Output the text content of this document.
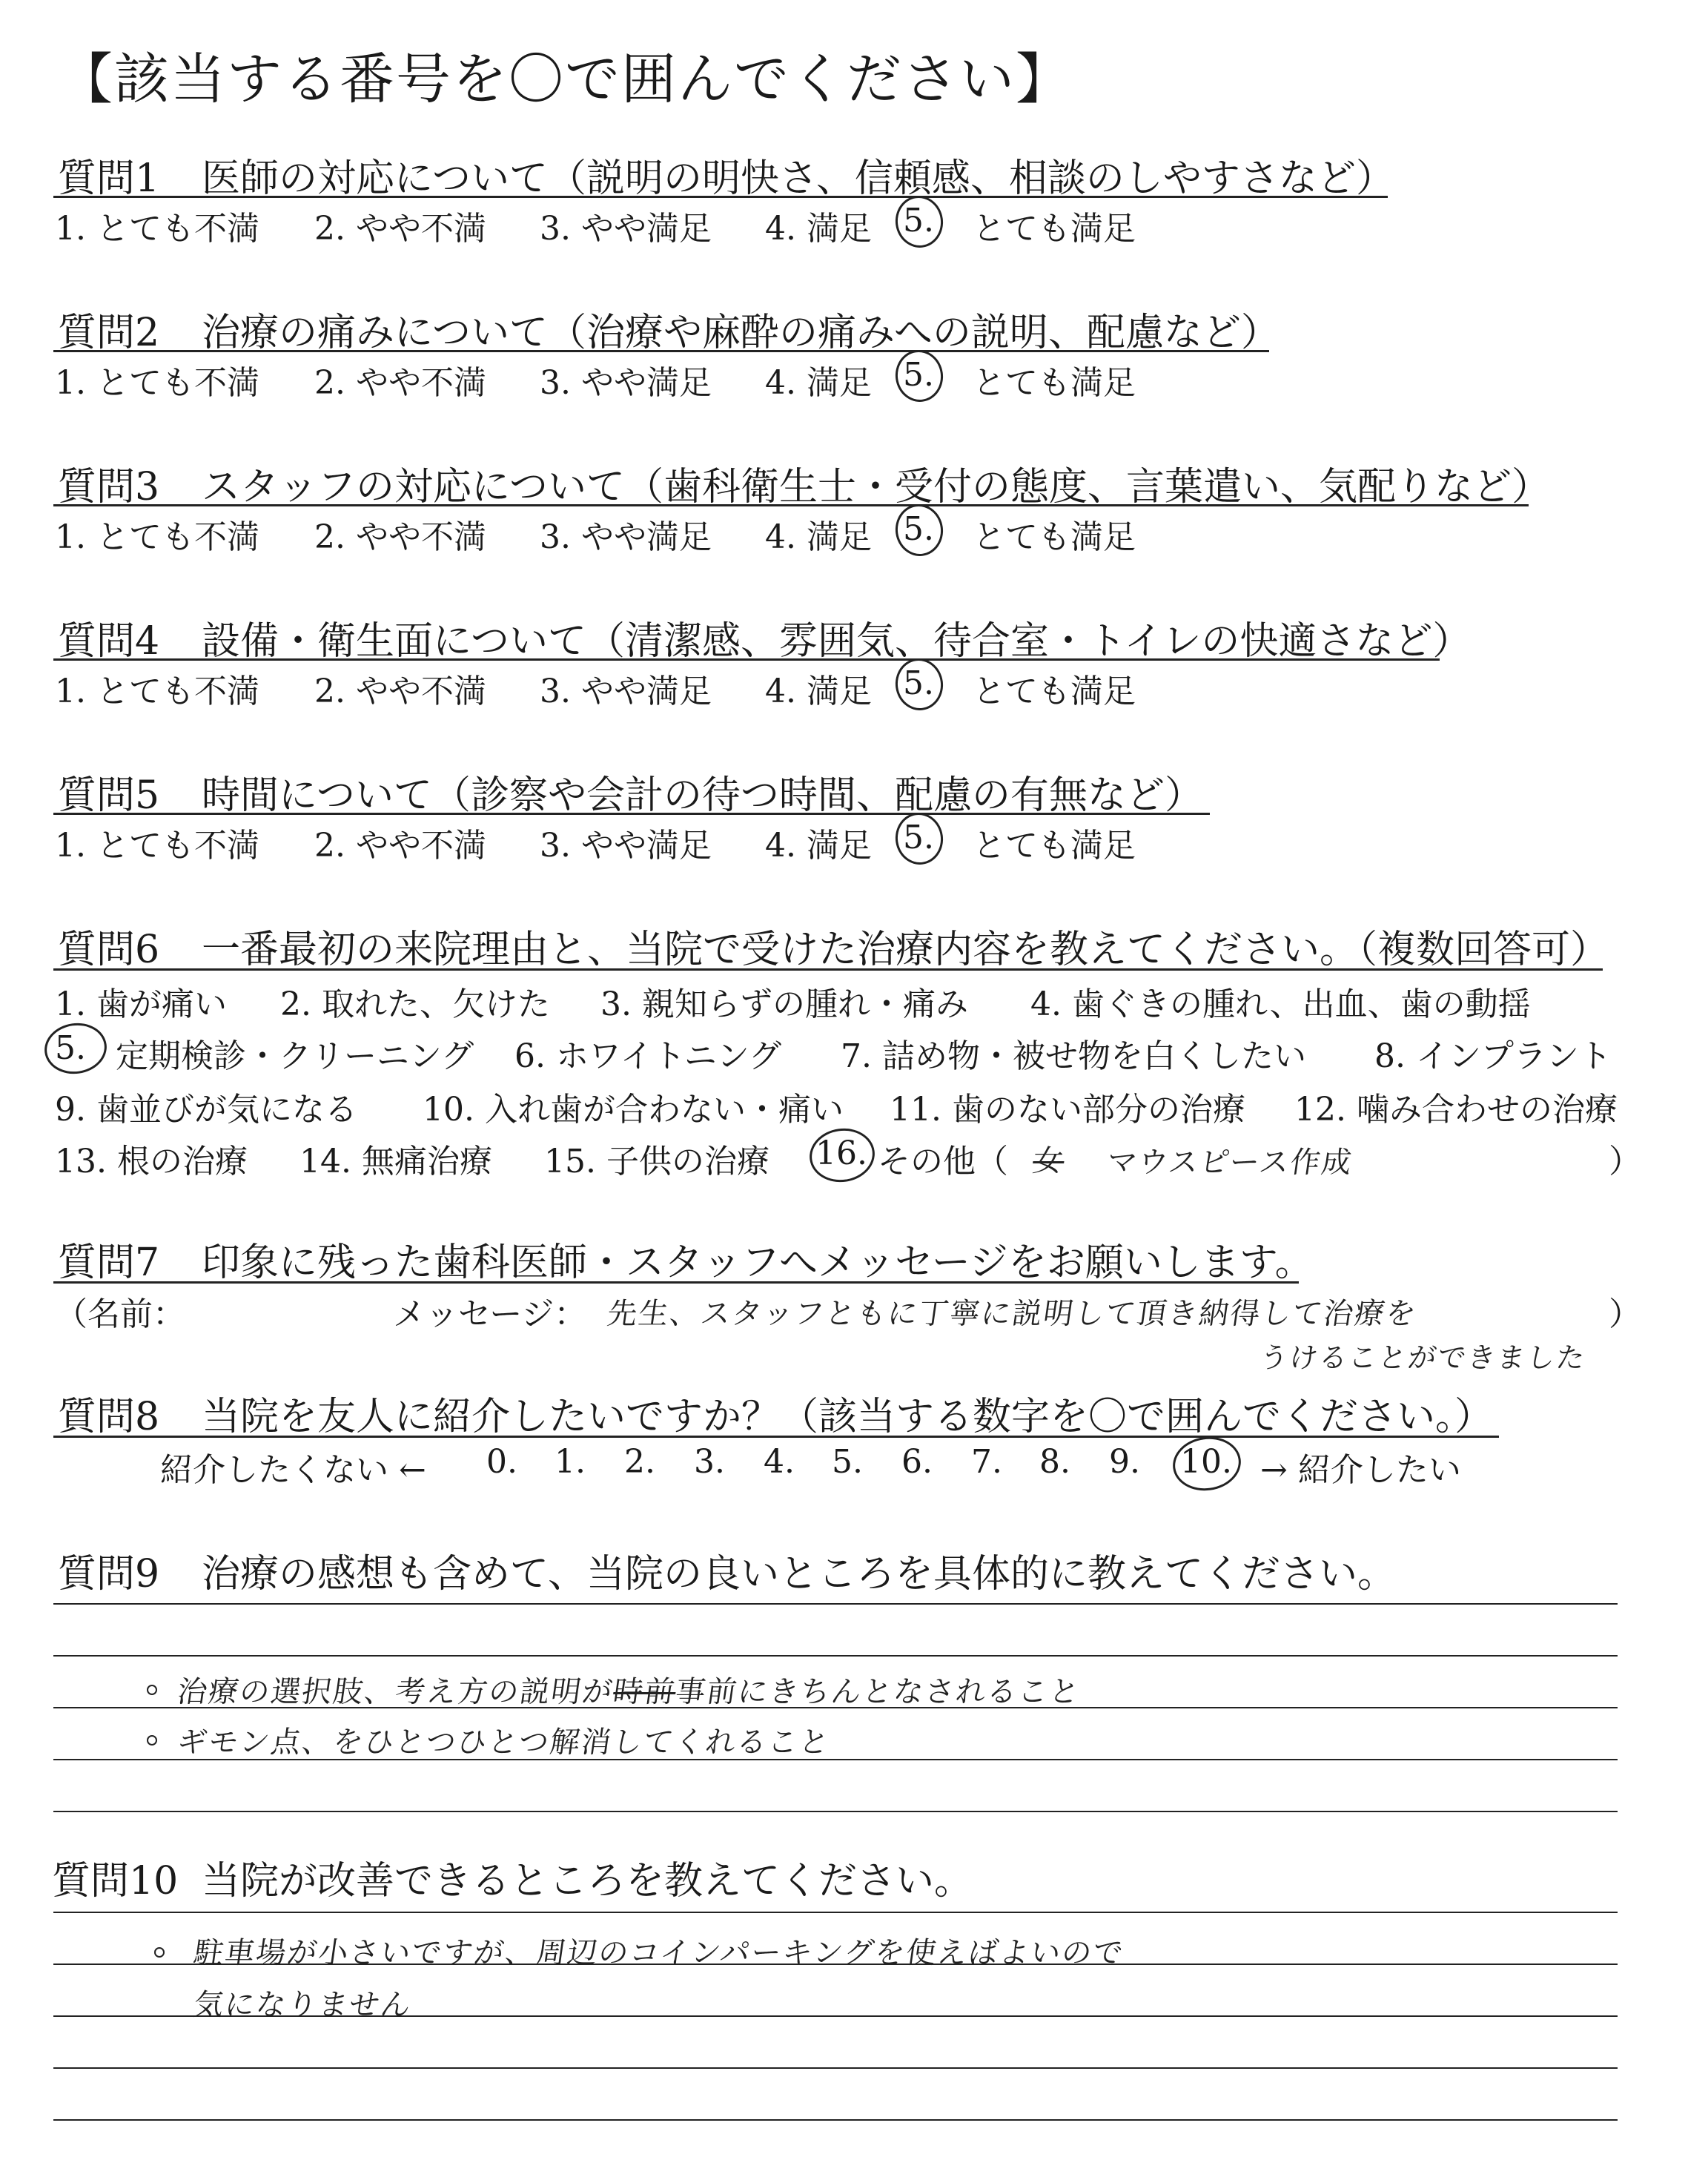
【該当する番号を〇で囲んでください】
質問1 医師の対応について（説明の明快さ、信頼感、相談のしやすさなど）
1. とても不満 2. やや不満 3. やや満足 4. 満足 5. とても満足
質問2 治療の痛みについて（治療や麻酔の痛みへの説明、配慮など）
1. とても不満 2. やや不満 3. やや満足 4. 満足 5. とても満足
質問3 スタッフの対応について（歯科衛生士・受付の態度、言葉遣い、気配りなど）
1. とても不満 2. やや不満 3. やや満足 4. 満足 5. とても満足
質問4 設備・衛生面について（清潔感、雰囲気、待合室・トイレの快適さなど）
1. とても不満 2. やや不満 3. やや満足 4. 満足 5. とても満足
質問5 時間について（診察や会計の待つ時間、配慮の有無など）
1. とても不満 2. やや不満 3. やや満足 4. 満足 5. とても満足
質問6 一番最初の来院理由と、当院で受けた治療内容を教えてください。（複数回答可）
1. 歯が痛い 2. 取れた、欠けた 3. 親知らずの腫れ・痛み 4. 歯ぐきの腫れ、出血、歯の動揺
5. 定期検診・クリーニング 6. ホワイトニング 7. 詰め物・被せ物を白くしたい 8. インプラント
9. 歯並びが気になる 10. 入れ歯が合わない・痛い 11. 歯のない部分の治療 12. 噛み合わせの治療
13. 根の治療 14. 無痛治療 15. 子供の治療 16. その他（ 女 マウスピース作成	）
質問7 印象に残った歯科医師・スタッフへメッセージをお願いします。
（名前：	メッセージ： 先生、スタッフともに丁寧に説明して頂き納得して治療を
うけることができました
）
質問8 当院を友人に紹介したいですか？（該当する数字を〇で囲んでください。）
紹介したくない ← 0. 1. 2. 3. 4. 5. 6. 7. 8. 9. 10. → 紹介したい
質問9 治療の感想も含めて、当院の良いところを具体的に教えてください。
治療の選択肢、考え方の説明が時前事前にきちんとなされること
ギモン点、をひとつひとつ解消してくれること
質問10 当院が改善できるところを教えてください。
駐車場が小さいですが、周辺のコインパーキングを使えばよいので
気になりません
